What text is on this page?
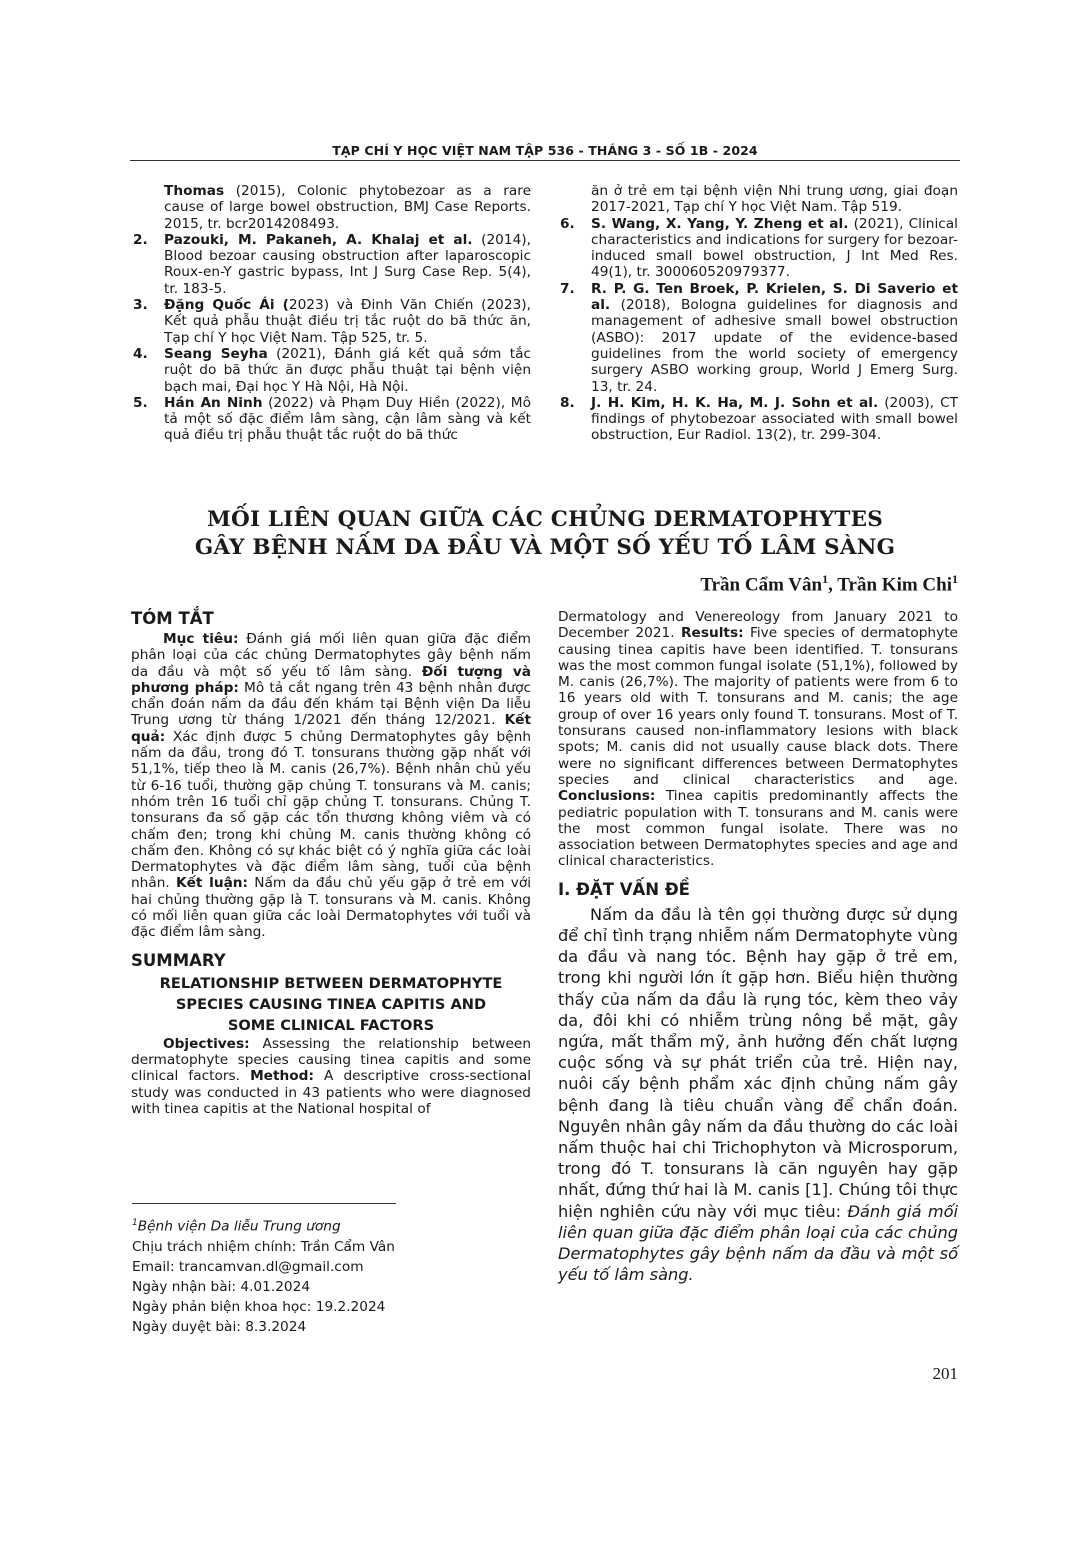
TẠP CHÍ Y HỌC VIỆT NAM TẬP 536 - THÁNG 3 - SỐ 1B - 2024
Thomas (2015), Colonic phytobezoar as a rare cause of large bowel obstruction, BMJ Case Reports. 2015, tr. bcr2014208493.
2. Pazouki, M. Pakaneh, A. Khalaj et al. (2014), Blood bezoar causing obstruction after laparoscopic Roux-en-Y gastric bypass, Int J Surg Case Rep. 5(4), tr. 183-5.
3. Đặng Quốc Ái (2023) và Đinh Văn Chiến (2023), Kết quả phẫu thuật điều trị tắc ruột do bã thức ăn, Tạp chí Y học Việt Nam. Tập 525, tr. 5.
4. Seang Seyha (2021), Đánh giá kết quả sớm tắc ruột do bã thức ăn được phẫu thuật tại bệnh viện bạch mai, Đại học Y Hà Nội, Hà Nội.
5. Hán An Ninh (2022) và Phạm Duy Hiền (2022), Mô tả một số đặc điểm lâm sàng, cận lâm sàng và kết quả điều trị phẫu thuật tắc ruột do bã thức
ăn ở trẻ em tại bệnh viện Nhi trung ương, giai đoạn 2017-2021, Tạp chí Y học Việt Nam. Tập 519.
6. S. Wang, X. Yang, Y. Zheng et al. (2021), Clinical characteristics and indications for surgery for bezoar-induced small bowel obstruction, J Int Med Res. 49(1), tr. 300060520979377.
7. R. P. G. Ten Broek, P. Krielen, S. Di Saverio et al. (2018), Bologna guidelines for diagnosis and management of adhesive small bowel obstruction (ASBO): 2017 update of the evidence-based guidelines from the world society of emergency surgery ASBO working group, World J Emerg Surg. 13, tr. 24.
8. J. H. Kim, H. K. Ha, M. J. Sohn et al. (2003), CT findings of phytobezoar associated with small bowel obstruction, Eur Radiol. 13(2), tr. 299-304.
MỐI LIÊN QUAN GIỮA CÁC CHỦNG DERMATOPHYTES
GÂY BỆNH NẤM DA ĐẦU VÀ MỘT SỐ YẾU TỐ LÂM SÀNG
Trần Cẩm Vân$^1$, Trần Kim Chi$^1$
TÓM TẮT

Mục tiêu: Đánh giá mối liên quan giữa đặc điểm phân loại của các chủng Dermatophytes gây bệnh nấm da đầu và một số yếu tố lâm sàng. Đối tượng và phương pháp: Mô tả cắt ngang trên 43 bệnh nhân được chẩn đoán nấm da đầu đến khám tại Bệnh viện Da liễu Trung ương từ tháng 1/2021 đến tháng 12/2021. Kết quả: Xác định được 5 chủng Dermatophytes gây bệnh nấm da đầu, trong đó T. tonsurans thường gặp nhất với 51,1%, tiếp theo là M. canis (26,7%). Bệnh nhân chủ yếu từ 6-16 tuổi, thường gặp chủng T. tonsurans và M. canis; nhóm trên 16 tuổi chỉ gặp chủng T. tonsurans. Chủng T. tonsurans đa số gặp các tổn thương không viêm và có chấm đen; trong khi chủng M. canis thường không có chấm đen. Không có sự khác biệt có ý nghĩa giữa các loài Dermatophytes và đặc điểm lâm sàng, tuổi của bệnh nhân. Kết luận: Nấm da đầu chủ yếu gặp ở trẻ em với hai chủng thường gặp là T. tonsurans và M. canis. Không có mối liên quan giữa các loài Dermatophytes với tuổi và đặc điểm lâm sàng.

SUMMARY
RELATIONSHIP BETWEEN DERMATOPHYTE
SPECIES CAUSING TINEA CAPITIS AND
SOME CLINICAL FACTORS

Objectives: Assessing the relationship between dermatophyte species causing tinea capitis and some clinical factors. Method: A descriptive cross-sectional study was conducted in 43 patients who were diagnosed with tinea capitis at the National hospital of

$^1$Bệnh viện Da liễu Trung ương
Chịu trách nhiệm chính: Trần Cẩm Vân
Email: trancamvan.dl@gmail.com
Ngày nhận bài: 4.01.2024
Ngày phản biện khoa học: 19.2.2024
Ngày duyệt bài: 8.3.2024

Dermatology and Venereology from January 2021 to December 2021. Results: Five species of dermatophyte causing tinea capitis have been identified. T. tonsurans was the most common fungal isolate (51,1%), followed by M. canis (26,7%). The majority of patients were from 6 to 16 years old with T. tonsurans and M. canis; the age group of over 16 years only found T. tonsurans. Most of T. tonsurans caused non-inflammatory lesions with black spots; M. canis did not usually cause black dots. There were no significant differences between Dermatophytes species and clinical characteristics and age. Conclusions: Tinea capitis predominantly affects the pediatric population with T. tonsurans and M. canis were the most common fungal isolate. There was no association between Dermatophytes species and age and clinical characteristics.

I. ĐẶT VẤN ĐỀ

Nấm da đầu là tên gọi thường được sử dụng để chỉ tình trạng nhiễm nấm Dermatophyte vùng da đầu và nang tóc. Bệnh hay gặp ở trẻ em, trong khi người lớn ít gặp hơn. Biểu hiện thường thấy của nấm da đầu là rụng tóc, kèm theo vảy da, đôi khi có nhiễm trùng nông bề mặt, gây ngứa, mất thẩm mỹ, ảnh hưởng đến chất lượng cuộc sống và sự phát triển của trẻ. Hiện nay, nuôi cấy bệnh phẩm xác định chủng nấm gây bệnh đang là tiêu chuẩn vàng để chẩn đoán. Nguyên nhân gây nấm da đầu thường do các loài nấm thuộc hai chi Trichophyton và Microsporum, trong đó T. tonsurans là căn nguyên hay gặp nhất, đứng thứ hai là M. canis [1]. Chúng tôi thực hiện nghiên cứu này với mục tiêu: Đánh giá mối liên quan giữa đặc điểm phân loại của các chủng Dermatophytes gây bệnh nấm da đầu và một số yếu tố lâm sàng.

201
